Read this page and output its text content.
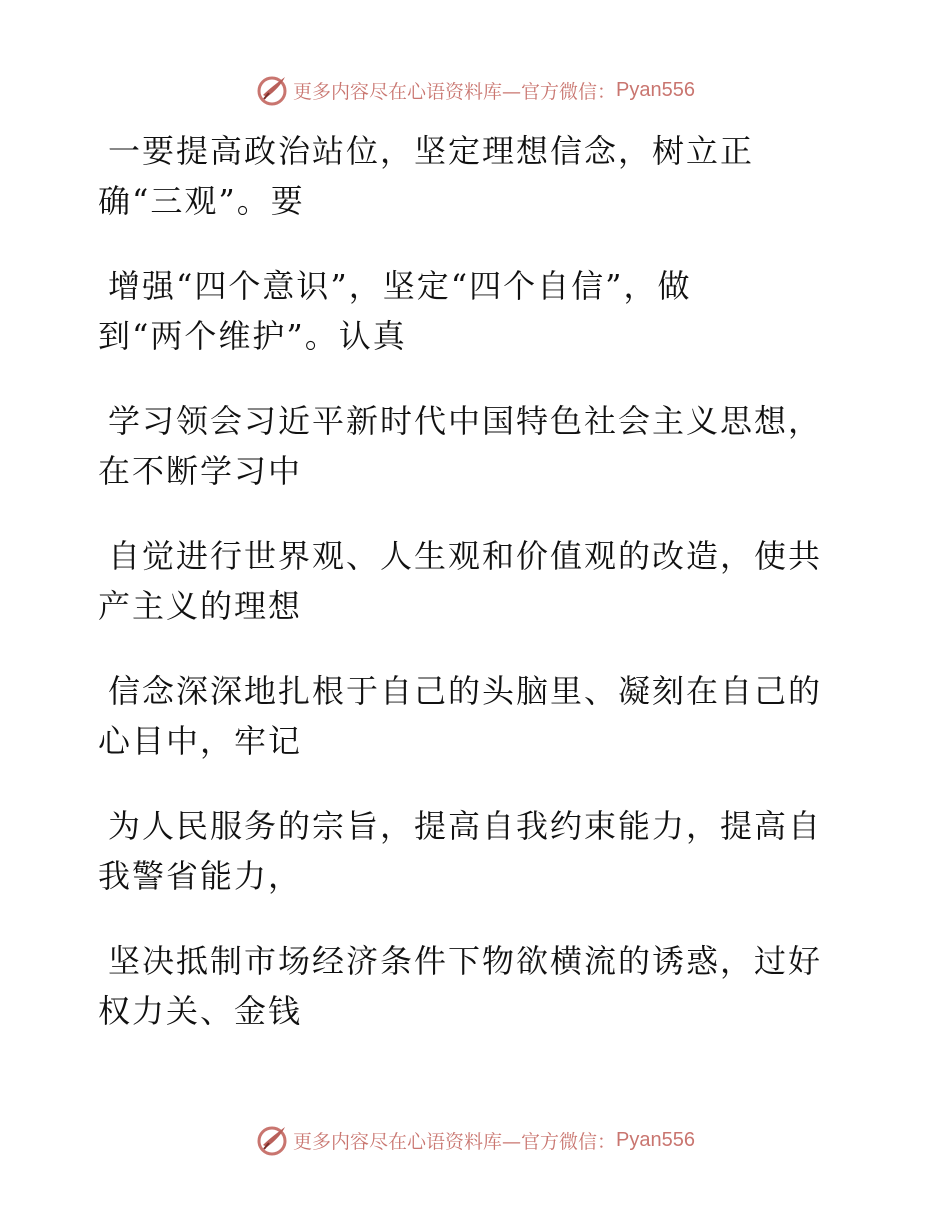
更多内容尽在心语资料库—官方微信： Pyan556
一要提高政治站位，坚定理想信念，树立正
确“三观”。要
增强“四个意识”，坚定“四个自信”，做
到“两个维护”。认真
学习领会习近平新时代中国特色社会主义思想，
在不断学习中
自觉进行世界观、人生观和价值观的改造，使共
产主义的理想
信念深深地扎根于自己的头脑里、凝刻在自己的
心目中，牢记
为人民服务的宗旨，提高自我约束能力，提高自
我警省能力，
坚决抵制市场经济条件下物欲横流的诱惑，过好
权力关、金钱
更多内容尽在心语资料库—官方微信： Pyan556
